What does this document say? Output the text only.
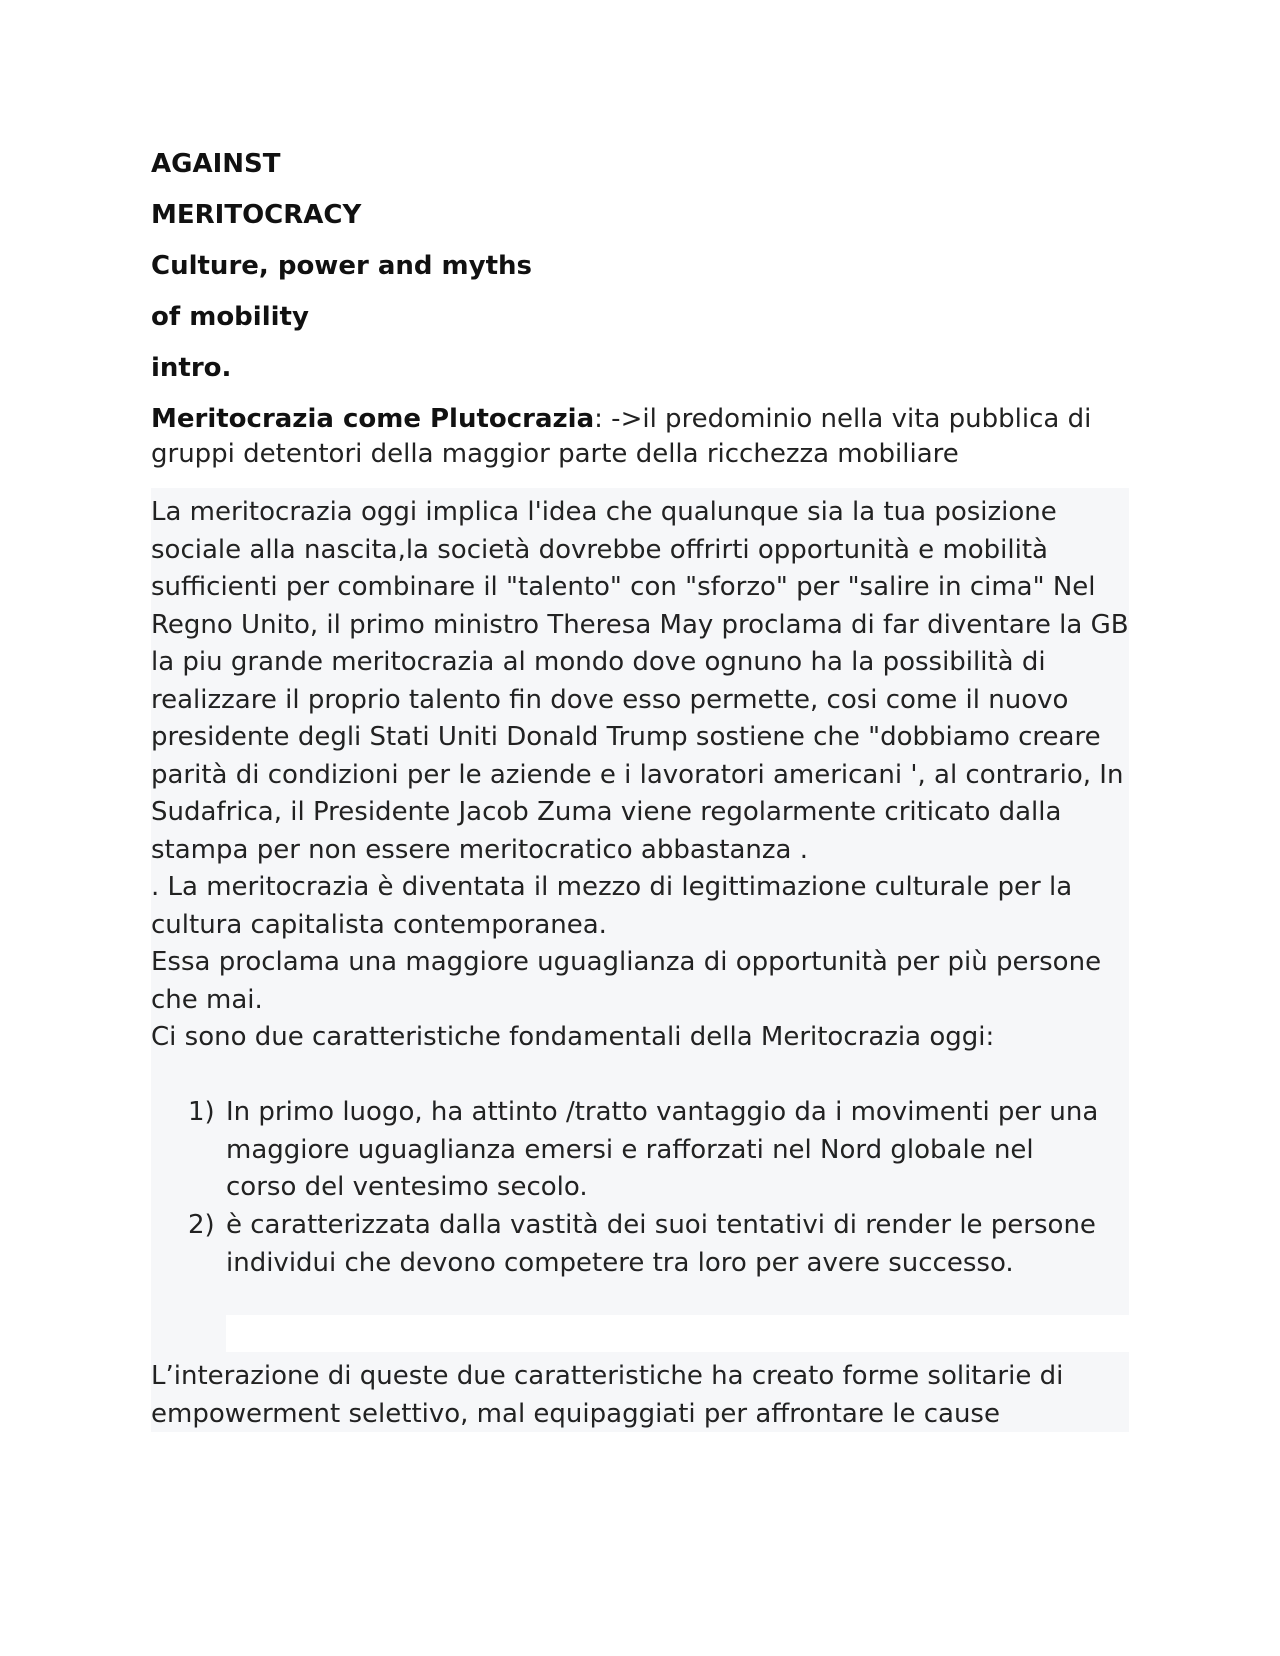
AGAINST
MERITOCRACY
Culture, power and myths
of mobility
intro.
Meritocrazia come Plutocrazia: ->il predominio nella vita pubblica di gruppi detentori della maggior parte della ricchezza mobiliare

La meritocrazia oggi implica l'idea che qualunque sia la tua posizione sociale alla nascita,la società dovrebbe offrirti opportunità e mobilità sufficienti per combinare il "talento" con "sforzo" per "salire in cima" Nel Regno Unito, il primo ministro Theresa May proclama di far diventare la GB la piu grande meritocrazia al mondo dove ognuno ha la possibilità di realizzare il proprio talento fin dove esso permette, cosi come il nuovo presidente degli Stati Uniti Donald Trump sostiene che "dobbiamo creare parità di condizioni per le aziende e i lavoratori americani ', al contrario, In Sudafrica, il Presidente Jacob Zuma viene regolarmente criticato dalla stampa per non essere meritocratico abbastanza .

. La meritocrazia è diventata il mezzo di legittimazione culturale per la cultura capitalista contemporanea.

Essa proclama una maggiore uguaglianza di opportunità per più persone che mai.

Ci sono due caratteristiche fondamentali della Meritocrazia oggi:

1) In primo luogo, ha attinto /tratto vantaggio da i movimenti per una maggiore uguaglianza emersi e rafforzati nel Nord globale nel corso del ventesimo secolo.
2) è caratterizzata dalla vastità dei suoi tentativi di render le persone individui che devono competere tra loro per avere successo.

L’interazione di queste due caratteristiche ha creato forme solitarie di empowerment selettivo, mal equipaggiati per affrontare le cause
